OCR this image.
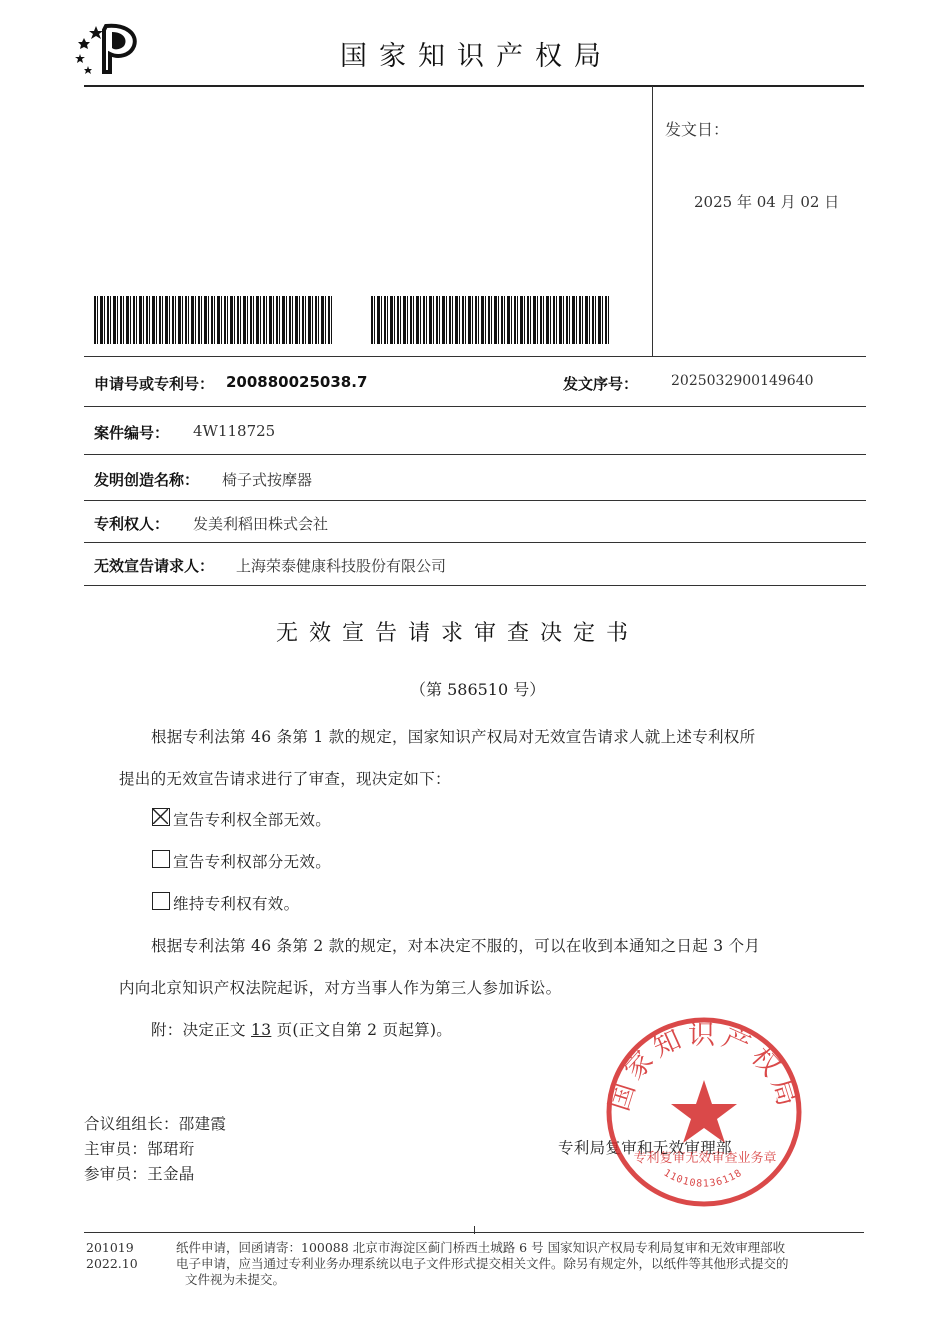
国家知识产权局
发文日：
2025 年 04 月 02 日
申请号或专利号： 200880025038.7	发文序号： 2025032900149640
案件编号： 4W118725
发明创造名称： 椅子式按摩器
专利权人： 发美利稻田株式会社
无效宣告请求人： 上海荣泰健康科技股份有限公司
无效宣告请求审查决定书
（第 586510 号）
根据专利法第 46 条第 1 款的规定，国家知识产权局对无效宣告请求人就上述专利权所
提出的无效宣告请求进行了审查，现决定如下：
宣告专利权全部无效。
宣告专利权部分无效。
维持专利权有效。
根据专利法第 46 条第 2 款的规定，对本决定不服的，可以在收到本通知之日起 3 个月
内向北京知识产权法院起诉，对方当事人作为第三人参加诉讼。
附：决定正文 13 页(正文自第 2 页起算)。
合议组组长：邵建霞
主审员：郜珺珩
参审员：王金晶
专利局复审和无效审理部
国家知识产权局
专利复审无效审查业务章
110108136118
201019
2022.10
纸件申请，回函请寄：100088 北京市海淀区蓟门桥西土城路 6 号 国家知识产权局专利局复审和无效审理部收
电子申请，应当通过专利业务办理系统以电子文件形式提交相关文件。除另有规定外，以纸件等其他形式提交的
文件视为未提交。
